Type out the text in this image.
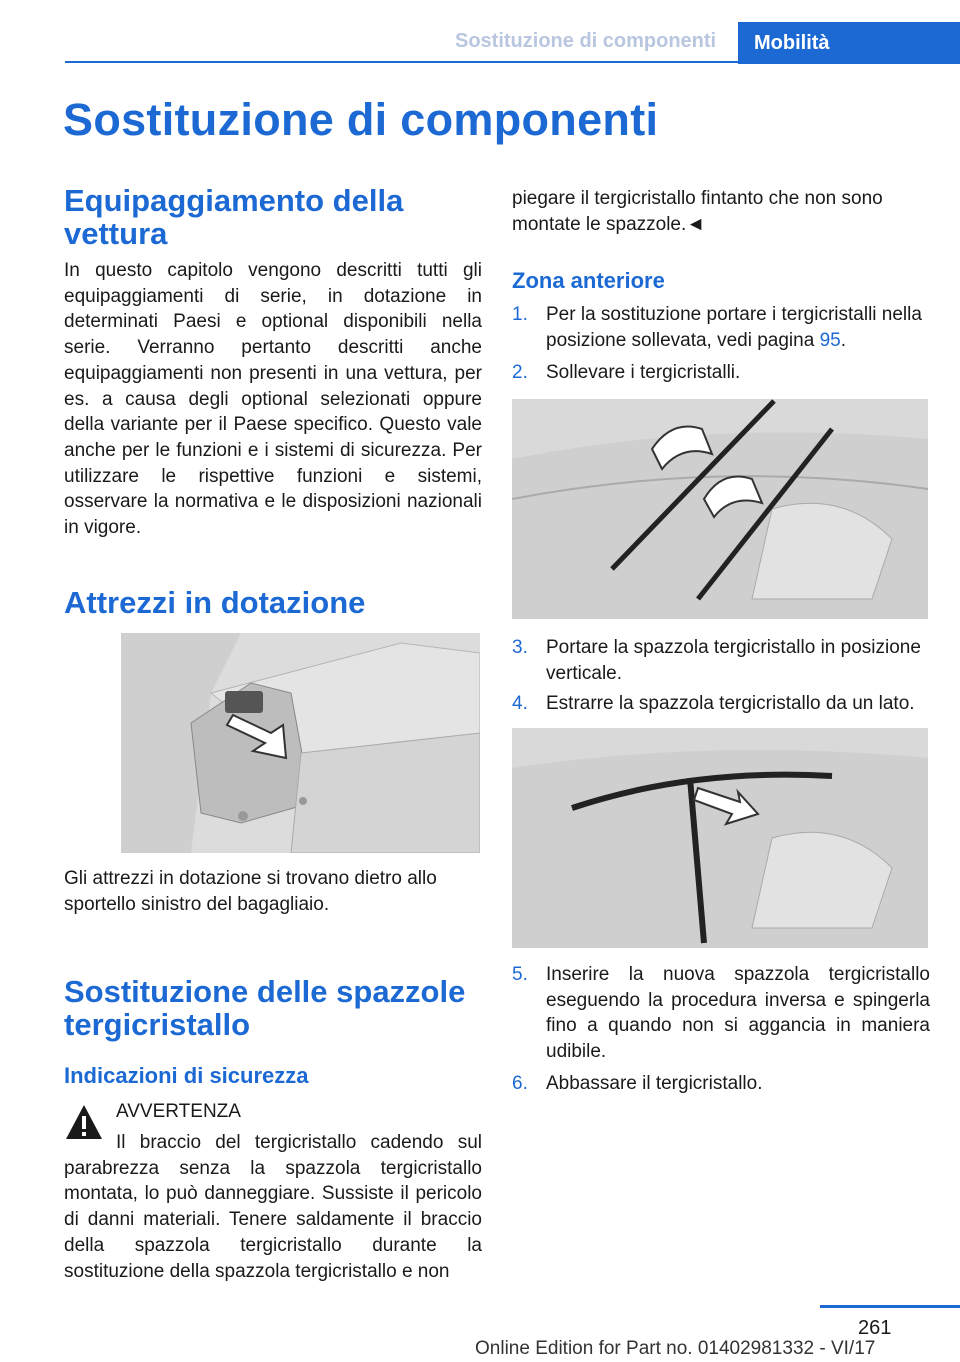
Sostituzione di componenti	Mobilità
Sostituzione di componenti
Equipaggiamento della vettura

In questo capitolo vengono descritti tutti gli equipaggiamenti di serie, in dotazione in determinati Paesi e optional disponibili nella serie. Verranno pertanto descritti anche equipaggiamenti non presenti in una vettura, per es. a causa degli optional selezionati oppure della variante per il Paese specifico. Questo vale anche per le funzioni e i sistemi di sicurezza. Per utilizzare le rispettive funzioni e sistemi, osservare la normativa e le disposizioni nazionali in vigore.

Attrezzi in dotazione
Gli attrezzi in dotazione si trovano dietro allo sportello sinistro del bagagliaio.
Sostituzione delle spazzole tergicristallo
Indicazioni di sicurezza
AVVERTENZA

Il braccio del tergicristallo cadendo sul parabrezza senza la spazzola tergicristallo montata, lo può danneggiare. Sussiste il pericolo di danni materiali. Tenere saldamente il braccio della spazzola tergicristallo durante la sostituzione della spazzola tergicristallo e non

piegare il tergicristallo fintanto che non sono montate le spazzole.◄
Zona anteriore
1. Per la sostituzione portare i tergicristalli nella posizione sollevata, vedi pagina 95.
2. Sollevare i tergicristalli.
3. Portare la spazzola tergicristallo in posizione verticale.
4. Estrarre la spazzola tergicristallo da un lato.
5. Inserire la nuova spazzola tergicristallo eseguendo la procedura inversa e spingerla fino a quando non si aggancia in maniera udibile.
6. Abbassare il tergicristallo.
261
Online Edition for Part no. 01402981332 - VI/17
